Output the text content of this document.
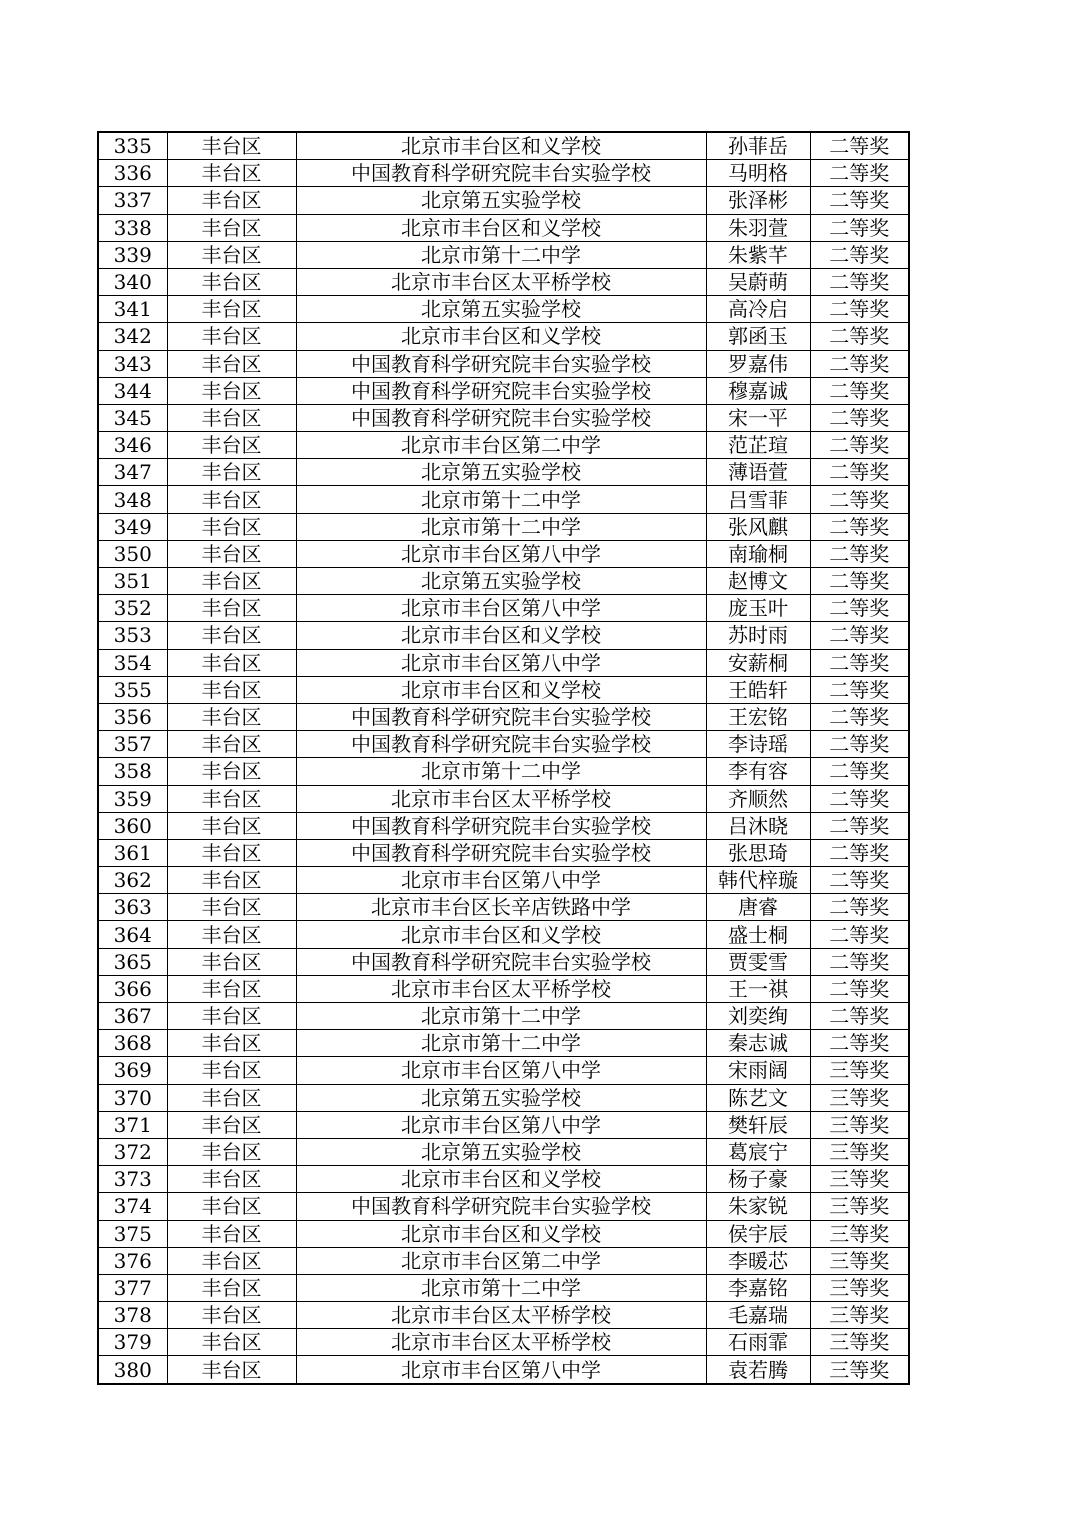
335	丰台区	北京市丰台区和义学校	孙菲岳	二等奖
336	丰台区	中国教育科学研究院丰台实验学校	马明格	二等奖
337	丰台区	北京第五实验学校	张泽彬	二等奖
338	丰台区	北京市丰台区和义学校	朱羽萱	二等奖
339	丰台区	北京市第十二中学	朱紫芊	二等奖
340	丰台区	北京市丰台区太平桥学校	吴蔚萌	二等奖
341	丰台区	北京第五实验学校	高冷启	二等奖
342	丰台区	北京市丰台区和义学校	郭函玉	二等奖
343	丰台区	中国教育科学研究院丰台实验学校	罗嘉伟	二等奖
344	丰台区	中国教育科学研究院丰台实验学校	穆嘉诚	二等奖
345	丰台区	中国教育科学研究院丰台实验学校	宋一平	二等奖
346	丰台区	北京市丰台区第二中学	范芷瑄	二等奖
347	丰台区	北京第五实验学校	薄语萱	二等奖
348	丰台区	北京市第十二中学	吕雪菲	二等奖
349	丰台区	北京市第十二中学	张风麒	二等奖
350	丰台区	北京市丰台区第八中学	南瑜桐	二等奖
351	丰台区	北京第五实验学校	赵博文	二等奖
352	丰台区	北京市丰台区第八中学	庞玉叶	二等奖
353	丰台区	北京市丰台区和义学校	苏时雨	二等奖
354	丰台区	北京市丰台区第八中学	安薪桐	二等奖
355	丰台区	北京市丰台区和义学校	王皓轩	二等奖
356	丰台区	中国教育科学研究院丰台实验学校	王宏铭	二等奖
357	丰台区	中国教育科学研究院丰台实验学校	李诗瑶	二等奖
358	丰台区	北京市第十二中学	李有容	二等奖
359	丰台区	北京市丰台区太平桥学校	齐顺然	二等奖
360	丰台区	中国教育科学研究院丰台实验学校	吕沐晓	二等奖
361	丰台区	中国教育科学研究院丰台实验学校	张思琦	二等奖
362	丰台区	北京市丰台区第八中学	韩代梓璇	二等奖
363	丰台区	北京市丰台区长辛店铁路中学	唐睿	二等奖
364	丰台区	北京市丰台区和义学校	盛士桐	二等奖
365	丰台区	中国教育科学研究院丰台实验学校	贾雯雪	二等奖
366	丰台区	北京市丰台区太平桥学校	王一祺	二等奖
367	丰台区	北京市第十二中学	刘奕绚	二等奖
368	丰台区	北京市第十二中学	秦志诚	二等奖
369	丰台区	北京市丰台区第八中学	宋雨阔	三等奖
370	丰台区	北京第五实验学校	陈艺文	三等奖
371	丰台区	北京市丰台区第八中学	樊轩辰	三等奖
372	丰台区	北京第五实验学校	葛宸宁	三等奖
373	丰台区	北京市丰台区和义学校	杨子豪	三等奖
374	丰台区	中国教育科学研究院丰台实验学校	朱家锐	三等奖
375	丰台区	北京市丰台区和义学校	侯宇辰	三等奖
376	丰台区	北京市丰台区第二中学	李暖芯	三等奖
377	丰台区	北京市第十二中学	李嘉铭	三等奖
378	丰台区	北京市丰台区太平桥学校	毛嘉瑞	三等奖
379	丰台区	北京市丰台区太平桥学校	石雨霏	三等奖
380	丰台区	北京市丰台区第八中学	袁若腾	三等奖
